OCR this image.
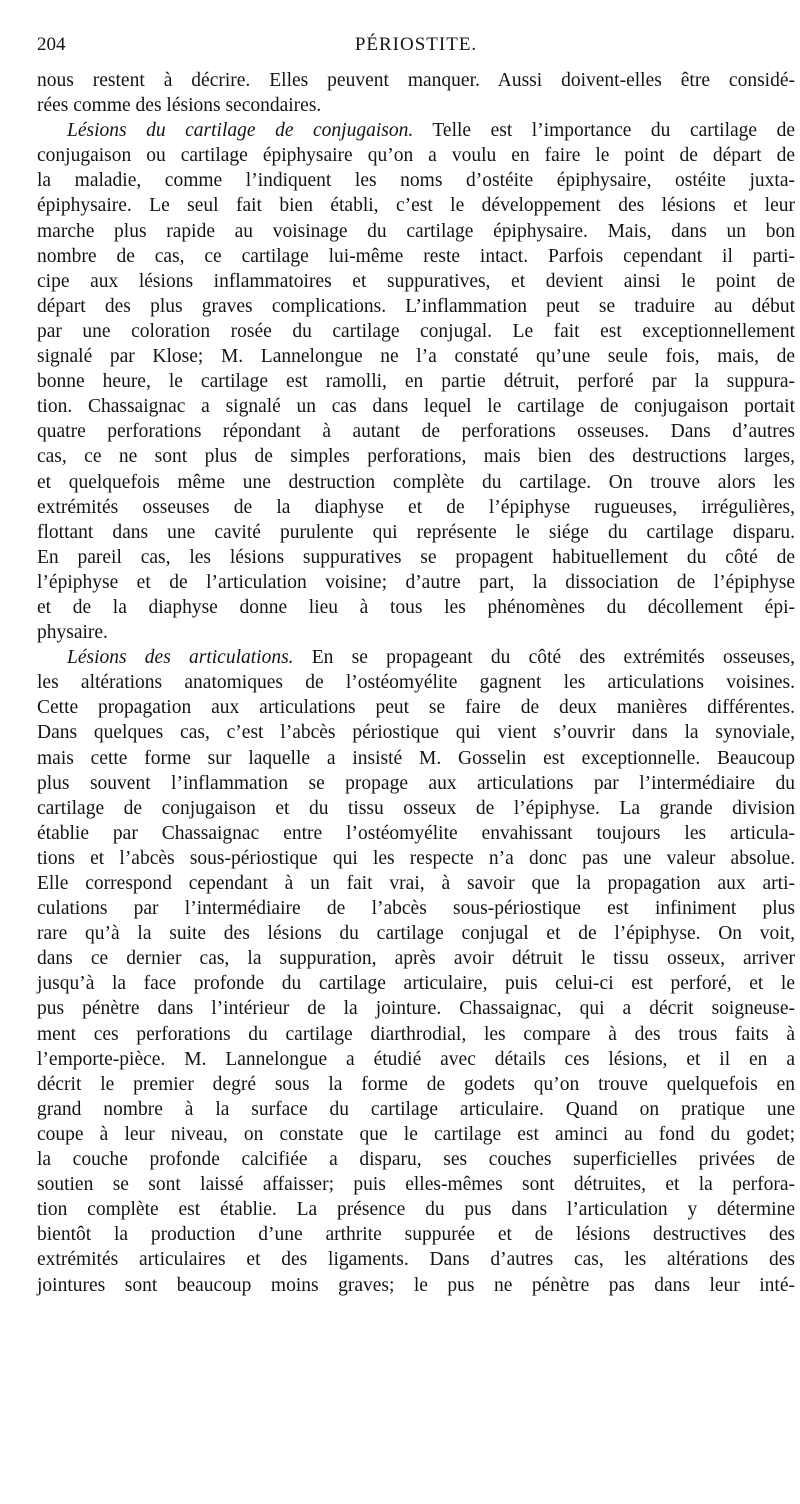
204	PÉRIOSTITE.
nous restent à décrire. Elles peuvent manquer. Aussi doivent-elles être considé-
rées comme des lésions secondaires.
Lésions du cartilage de conjugaison. Telle est l’importance du cartilage de
conjugaison ou cartilage épiphysaire qu’on a voulu en faire le point de départ de
la maladie, comme l’indiquent les noms d’ostéite épiphysaire, ostéite juxta-
épiphysaire. Le seul fait bien établi, c’est le développement des lésions et leur
marche plus rapide au voisinage du cartilage épiphysaire. Mais, dans un bon
nombre de cas, ce cartilage lui-même reste intact. Parfois cependant il parti-
cipe aux lésions inflammatoires et suppuratives, et devient ainsi le point de
départ des plus graves complications. L’inflammation peut se traduire au début
par une coloration rosée du cartilage conjugal. Le fait est exceptionnellement
signalé par Klose; M. Lannelongue ne l’a constaté qu’une seule fois, mais, de
bonne heure, le cartilage est ramolli, en partie détruit, perforé par la suppura-
tion. Chassaignac a signalé un cas dans lequel le cartilage de conjugaison portait
quatre perforations répondant à autant de perforations osseuses. Dans d’autres
cas, ce ne sont plus de simples perforations, mais bien des destructions larges,
et quelquefois même une destruction complète du cartilage. On trouve alors les
extrémités osseuses de la diaphyse et de l’épiphyse rugueuses, irrégulières,
flottant dans une cavité purulente qui représente le siége du cartilage disparu.
En pareil cas, les lésions suppuratives se propagent habituellement du côté de
l’épiphyse et de l’articulation voisine; d’autre part, la dissociation de l’épiphyse
et de la diaphyse donne lieu à tous les phénomènes du décollement épi-
physaire.
Lésions des articulations. En se propageant du côté des extrémités osseuses,
les altérations anatomiques de l’ostéomyélite gagnent les articulations voisines.
Cette propagation aux articulations peut se faire de deux manières différentes.
Dans quelques cas, c’est l’abcès périostique qui vient s’ouvrir dans la synoviale,
mais cette forme sur laquelle a insisté M. Gosselin est exceptionnelle. Beaucoup
plus souvent l’inflammation se propage aux articulations par l’intermédiaire du
cartilage de conjugaison et du tissu osseux de l’épiphyse. La grande division
établie par Chassaignac entre l’ostéomyélite envahissant toujours les articula-
tions et l’abcès sous-périostique qui les respecte n’a donc pas une valeur absolue.
Elle correspond cependant à un fait vrai, à savoir que la propagation aux arti-
culations par l’intermédiaire de l’abcès sous-périostique est infiniment plus
rare qu’à la suite des lésions du cartilage conjugal et de l’épiphyse. On voit,
dans ce dernier cas, la suppuration, après avoir détruit le tissu osseux, arriver
jusqu’à la face profonde du cartilage articulaire, puis celui-ci est perforé, et le
pus pénètre dans l’intérieur de la jointure. Chassaignac, qui a décrit soigneuse-
ment ces perforations du cartilage diarthrodial, les compare à des trous faits à
l’emporte-pièce. M. Lannelongue a étudié avec détails ces lésions, et il en a
décrit le premier degré sous la forme de godets qu’on trouve quelquefois en
grand nombre à la surface du cartilage articulaire. Quand on pratique une
coupe à leur niveau, on constate que le cartilage est aminci au fond du godet;
la couche profonde calcifiée a disparu, ses couches superficielles privées de
soutien se sont laissé affaisser; puis elles-mêmes sont détruites, et la perfora-
tion complète est établie. La présence du pus dans l’articulation y détermine
bientôt la production d’une arthrite suppurée et de lésions destructives des
extrémités articulaires et des ligaments. Dans d’autres cas, les altérations des
jointures sont beaucoup moins graves; le pus ne pénètre pas dans leur inté-
